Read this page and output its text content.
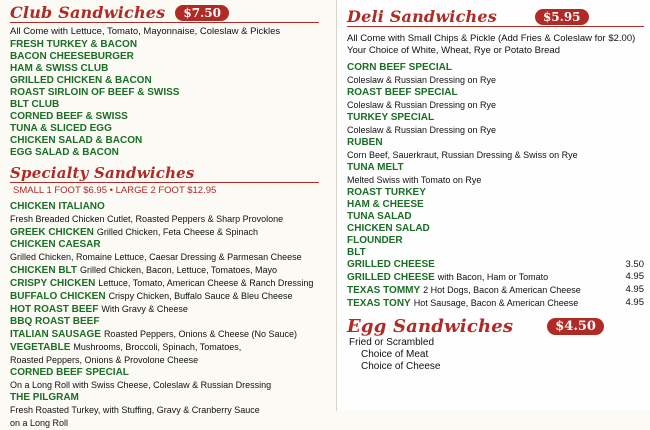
Club Sandwiches	$7.50
All Come with Lettuce, Tomato, Mayonnaise, Coleslaw & Pickles
FRESH TURKEY & BACON
BACON CHEESEBURGER
HAM & SWISS CLUB
GRILLED CHICKEN & BACON
ROAST SIRLOIN OF BEEF & SWISS
BLT CLUB
CORNED BEEF & SWISS
TUNA & SLICED EGG
CHICKEN SALAD & BACON
EGG SALAD & BACON
Specialty Sandwiches
SMALL 1 FOOT $6.95 • LARGE 2 FOOT $12.95
CHICKEN ITALIANO
Fresh Breaded Chicken Cutlet, Roasted Peppers & Sharp Provolone
GREEK CHICKEN Grilled Chicken, Feta Cheese & Spinach
CHICKEN CAESAR
Grilled Chicken, Romaine Lettuce, Caesar Dressing & Parmesan Cheese
CHICKEN BLT Grilled Chicken, Bacon, Lettuce, Tomatoes, Mayo
CRISPY CHICKEN Lettuce, Tomato, American Cheese & Ranch Dressing
BUFFALO CHICKEN Crispy Chicken, Buffalo Sauce & Bleu Cheese
HOT ROAST BEEF With Gravy & Cheese
BBQ ROAST BEEF
ITALIAN SAUSAGE Roasted Peppers, Onions & Cheese (No Sauce)
VEGETABLE Mushrooms, Broccoli, Spinach, Tomatoes,
Roasted Peppers, Onions & Provolone Cheese
CORNED BEEF SPECIAL
On a Long Roll with Swiss Cheese, Coleslaw & Russian Dressing
THE PILGRAM
Fresh Roasted Turkey, with Stuffing, Gravy & Cranberry Sauce
on a Long Roll
Deli Sandwiches	$5.95
All Come with Small Chips & Pickle (Add Fries & Coleslaw for $2.00)
Your Choice of White, Wheat, Rye or Potato Bread
CORN BEEF SPECIAL
Coleslaw & Russian Dressing on Rye
ROAST BEEF SPECIAL
Coleslaw & Russian Dressing on Rye
TURKEY SPECIAL
Coleslaw & Russian Dressing on Rye
RUBEN
Corn Beef, Sauerkraut, Russian Dressing & Swiss on Rye
TUNA MELT
Melted Swiss with Tomato on Rye
ROAST TURKEY
HAM & CHEESE
TUNA SALAD
CHICKEN SALAD
FLOUNDER
BLT
GRILLED CHEESE	3.50
GRILLED CHEESE with Bacon, Ham or Tomato	4.95
TEXAS TOMMY 2 Hot Dogs, Bacon & American Cheese	4.95
TEXAS TONY Hot Sausage, Bacon & American Cheese	4.95
Egg Sandwiches	$4.50
Fried or Scrambled
Choice of Meat
Choice of Cheese
